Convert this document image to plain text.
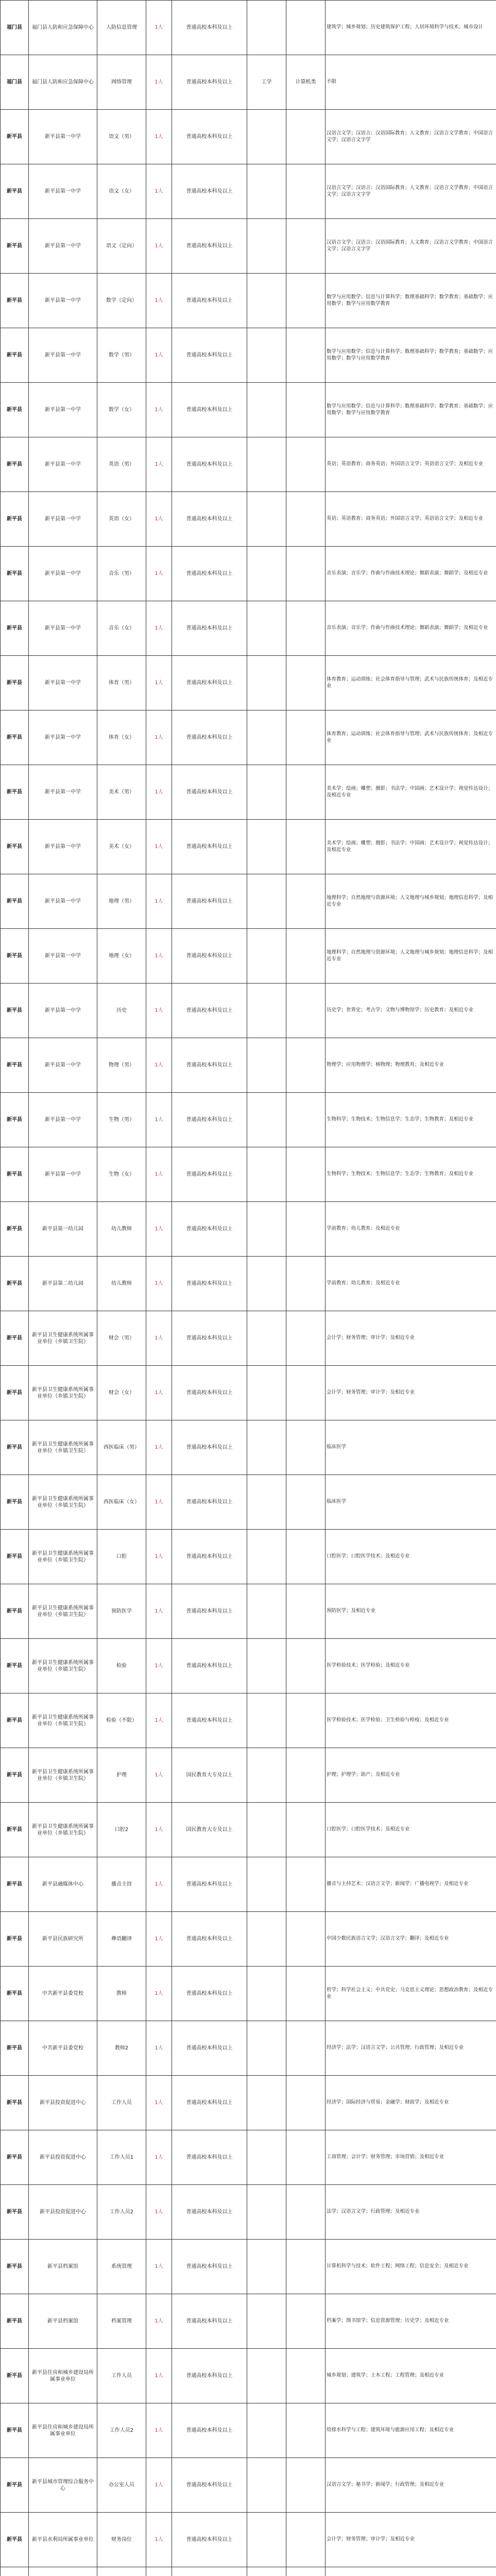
福门县	福门县人防和应急保障中心	人防信息管理	1人	普通高校本科及以上			建筑学；城乡规划；历史建筑保护工程；人居环境科学与技术；城市设计
福门县	福门县人防和应急保障中心	网络管理	1人	普通高校本科及以上	工学	计算机类	不限
新平县	新平县第一中学	语文（男）	1人	普通高校本科及以上			汉语言文学；汉语言；汉语国际教育；人文教育；汉语言文学教育；中国语言文学；汉语言文字学
新平县	新平县第一中学	语文（女）	1人	普通高校本科及以上			汉语言文学；汉语言；汉语国际教育；人文教育；汉语言文学教育；中国语言文学；汉语言文字学
新平县	新平县第一中学	语文（定向）	1人	普通高校本科及以上			汉语言文学；汉语言；汉语国际教育；人文教育；汉语言文学教育；中国语言文学；汉语言文字学
新平县	新平县第一中学	数学（定向）	1人	普通高校本科及以上			数学与应用数学；信息与计算科学；数理基础科学；数学教育；基础数学；应用数学；数学与应用数学教育
新平县	新平县第一中学	数学（男）	1人	普通高校本科及以上			数学与应用数学；信息与计算科学；数理基础科学；数学教育；基础数学；应用数学；数学与应用数学教育
新平县	新平县第一中学	数学（女）	1人	普通高校本科及以上			数学与应用数学；信息与计算科学；数理基础科学；数学教育；基础数学；应用数学；数学与应用数学教育
新平县	新平县第一中学	英语（男）	1人	普通高校本科及以上			英语；英语教育；商务英语；外国语言文学；英语语言文学；及相近专业
新平县	新平县第一中学	英语（女）	1人	普通高校本科及以上			英语；英语教育；商务英语；外国语言文学；英语语言文学；及相近专业
新平县	新平县第一中学	音乐（男）	1人	普通高校本科及以上			音乐表演；音乐学；作曲与作曲技术理论；舞蹈表演；舞蹈学；及相近专业
新平县	新平县第一中学	音乐（女）	1人	普通高校本科及以上			音乐表演；音乐学；作曲与作曲技术理论；舞蹈表演；舞蹈学；及相近专业
新平县	新平县第一中学	体育（男）	1人	普通高校本科及以上			体育教育；运动训练；社会体育指导与管理；武术与民族传统体育；及相近专业
新平县	新平县第一中学	体育（女）	1人	普通高校本科及以上			体育教育；运动训练；社会体育指导与管理；武术与民族传统体育；及相近专业
新平县	新平县第一中学	美术（男）	1人	普通高校本科及以上			美术学；绘画；雕塑；摄影；书法学；中国画；艺术设计学；视觉传达设计；及相近专业
新平县	新平县第一中学	美术（女）	1人	普通高校本科及以上			美术学；绘画；雕塑；摄影；书法学；中国画；艺术设计学；视觉传达设计；及相近专业
新平县	新平县第一中学	地理（男）	1人	普通高校本科及以上			地理科学；自然地理与资源环境；人文地理与城乡规划；地理信息科学；及相近专业
新平县	新平县第一中学	地理（女）	1人	普通高校本科及以上			地理科学；自然地理与资源环境；人文地理与城乡规划；地理信息科学；及相近专业
新平县	新平县第一中学	历史	1人	普通高校本科及以上			历史学；世界史；考古学；文物与博物馆学；历史教育；及相近专业
新平县	新平县第一中学	物理（男）	1人	普通高校本科及以上			物理学；应用物理学；核物理；物理教育；及相近专业
新平县	新平县第一中学	生物（男）	1人	普通高校本科及以上			生物科学；生物技术；生物信息学；生态学；生物教育；及相近专业
新平县	新平县第一中学	生物（女）	1人	普通高校本科及以上			生物科学；生物技术；生物信息学；生态学；生物教育；及相近专业
新平县	新平县第一幼儿园	幼儿教师	1人	普通高校本科及以上			学前教育；幼儿教育；及相近专业
新平县	新平县第二幼儿园	幼儿教师	1人	普通高校本科及以上			学前教育；幼儿教育；及相近专业
新平县	新平县卫生健康系统所属事业单位（乡镇卫生院）	财会（男）	1人	普通高校本科及以上			会计学；财务管理；审计学；及相近专业
新平县	新平县卫生健康系统所属事业单位（乡镇卫生院）	财会（女）	1人	普通高校本科及以上			会计学；财务管理；审计学；及相近专业
新平县	新平县卫生健康系统所属事业单位（乡镇卫生院）	西医临床（男）	1人	普通高校本科及以上			临床医学
新平县	新平县卫生健康系统所属事业单位（乡镇卫生院）	西医临床（女）	1人	普通高校本科及以上			临床医学
新平县	新平县卫生健康系统所属事业单位（乡镇卫生院）	口腔	1人	普通高校本科及以上			口腔医学；口腔医学技术；及相近专业
新平县	新平县卫生健康系统所属事业单位（乡镇卫生院）	预防医学	1人	普通高校本科及以上			预防医学；及相近专业
新平县	新平县卫生健康系统所属事业单位（乡镇卫生院）	检验	1人	普通高校本科及以上			医学检验技术；医学检验；及相近专业
新平县	新平县卫生健康系统所属事业单位（乡镇卫生院）	检验（不限）	1人	普通高校本科及以上			医学检验技术；医学检验；卫生检验与检疫；及相近专业
新平县	新平县卫生健康系统所属事业单位（乡镇卫生院）	护理	1人	国民教育大专及以上			护理；护理学；助产；及相近专业
新平县	新平县卫生健康系统所属事业单位（乡镇卫生院）	口腔2	1人	国民教育大专及以上			口腔医学；口腔医学技术；及相近专业
新平县	新平县融媒体中心	播音主持	1人	普通高校本科及以上			播音与主持艺术；汉语言文学；新闻学；广播电视学；及相近专业
新平县	新平县民族研究所	彝语翻译	1人	普通高校本科及以上			中国少数民族语言文学；汉语言文学；翻译；及相近专业
新平县	中共新平县委党校	教师	1人	普通高校本科及以上			哲学；科学社会主义；中共党史；马克思主义理论；思想政治教育；及相近专业
新平县	中共新平县委党校	教师2	1人	普通高校本科及以上			经济学；法学；汉语言文学；公共管理；行政管理；及相近专业
新平县	新平县投资促进中心	工作人员	1人	普通高校本科及以上			经济学；国际经济与贸易；金融学；财政学；及相近专业
新平县	新平县投资促进中心	工作人员1	1人	普通高校本科及以上			工商管理；会计学；财务管理；市场营销；及相近专业
新平县	新平县投资促进中心	工作人员2	1人	普通高校本科及以上			法学；汉语言文学；行政管理；及相近专业
新平县	新平县档案馆	系统管理	1人	普通高校本科及以上			计算机科学与技术；软件工程；网络工程；信息安全；及相近专业
新平县	新平县档案馆	档案管理	1人	普通高校本科及以上			档案学；图书馆学；信息资源管理；历史学；及相近专业
新平县	新平县住房和城乡建设局所属事业单位	工作人员	1人	普通高校本科及以上			城乡规划；建筑学；土木工程；工程管理；及相近专业
新平县	新平县住房和城乡建设局所属事业单位	工作人员2	1人	普通高校本科及以上			给排水科学与工程；建筑环境与能源应用工程；及相近专业
新平县	新平县城市管理综合服务中心	办公室人员	1人	普通高校本科及以上			汉语言文学；秘书学；新闻学；行政管理；及相近专业
新平县	新平县水利局所属事业单位	财务岗位	1人	普通高校本科及以上			会计学；财务管理；审计学；及相近专业
